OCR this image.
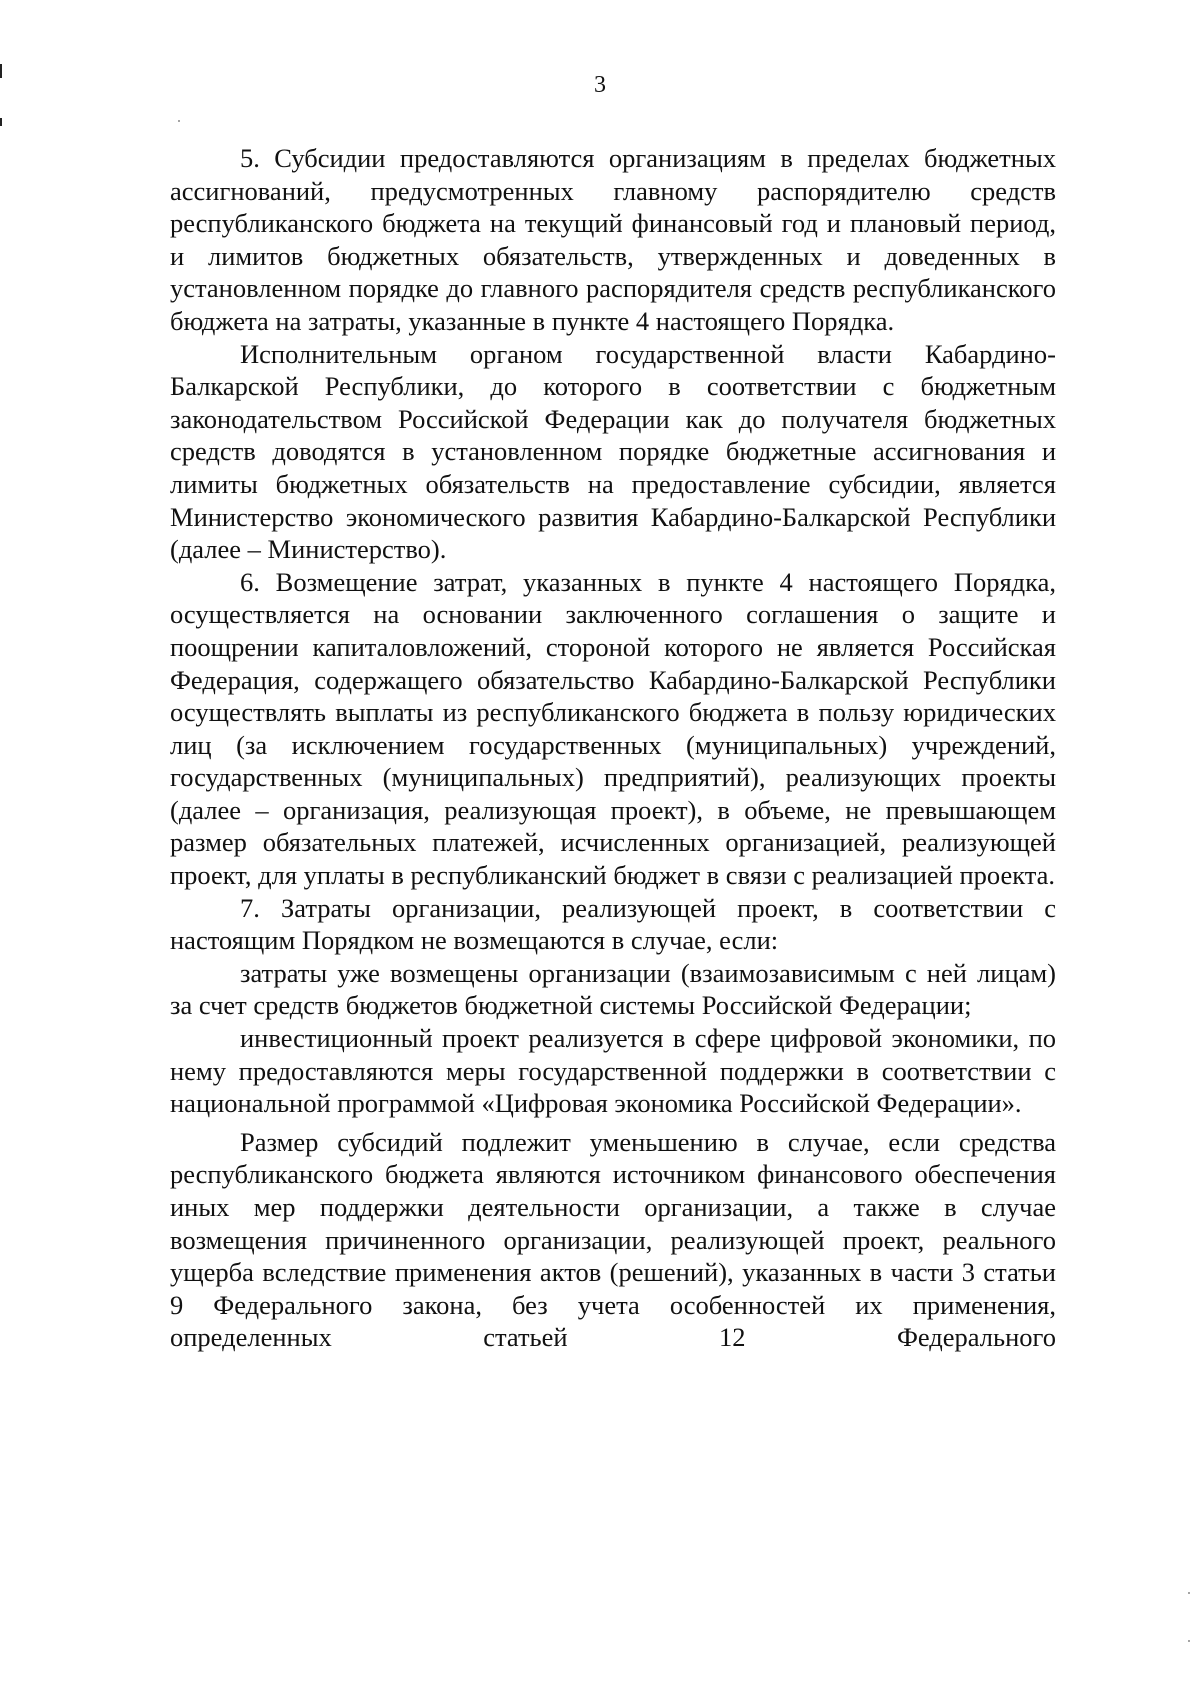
3

5. Субсидии предоставляются организациям в пределах бюджетных ассигнований, предусмотренных главному распорядителю средств республиканского бюджета на текущий финансовый год и плановый период, и лимитов бюджетных обязательств, утвержденных и доведенных в установленном порядке до главного распорядителя средств республиканского бюджета на затраты, указанные в пункте 4 настоящего Порядка.

Исполнительным органом государственной власти Кабардино-Балкарской Республики, до которого в соответствии с бюджетным законодательством Российской Федерации как до получателя бюджетных средств доводятся в установленном порядке бюджетные ассигнования и лимиты бюджетных обязательств на предоставление субсидии, является Министерство экономического развития Кабардино-Балкарской Республики (далее – Министерство).

6. Возмещение затрат, указанных в пункте 4 настоящего Порядка, осуществляется на основании заключенного соглашения о защите и поощрении капиталовложений, стороной которого не является Российская Федерация, содержащего обязательство Кабардино-Балкарской Республики осуществлять выплаты из республиканского бюджета в пользу юридических лиц (за исключением государственных (муниципальных) учреждений, государственных (муниципальных) предприятий), реализующих проекты (далее – организация, реализующая проект), в объеме, не превышающем размер обязательных платежей, исчисленных организацией, реализующей проект, для уплаты в республиканский бюджет в связи с реализацией проекта.

7. Затраты организации, реализующей проект, в соответствии с настоящим Порядком не возмещаются в случае, если:

затраты уже возмещены организации (взаимозависимым с ней лицам) за счет средств бюджетов бюджетной системы Российской Федерации;

инвестиционный проект реализуется в сфере цифровой экономики, по нему предоставляются меры государственной поддержки в соответствии с национальной программой «Цифровая экономика Российской Федерации».

Размер субсидий подлежит уменьшению в случае, если средства республиканского бюджета являются источником финансового обеспечения иных мер поддержки деятельности организации, а также в случае возмещения причиненного организации, реализующей проект, реального ущерба вследствие применения актов (решений), указанных в части 3 статьи 9 Федерального закона, без учета особенностей их применения, определенных статьей 12 Федерального
